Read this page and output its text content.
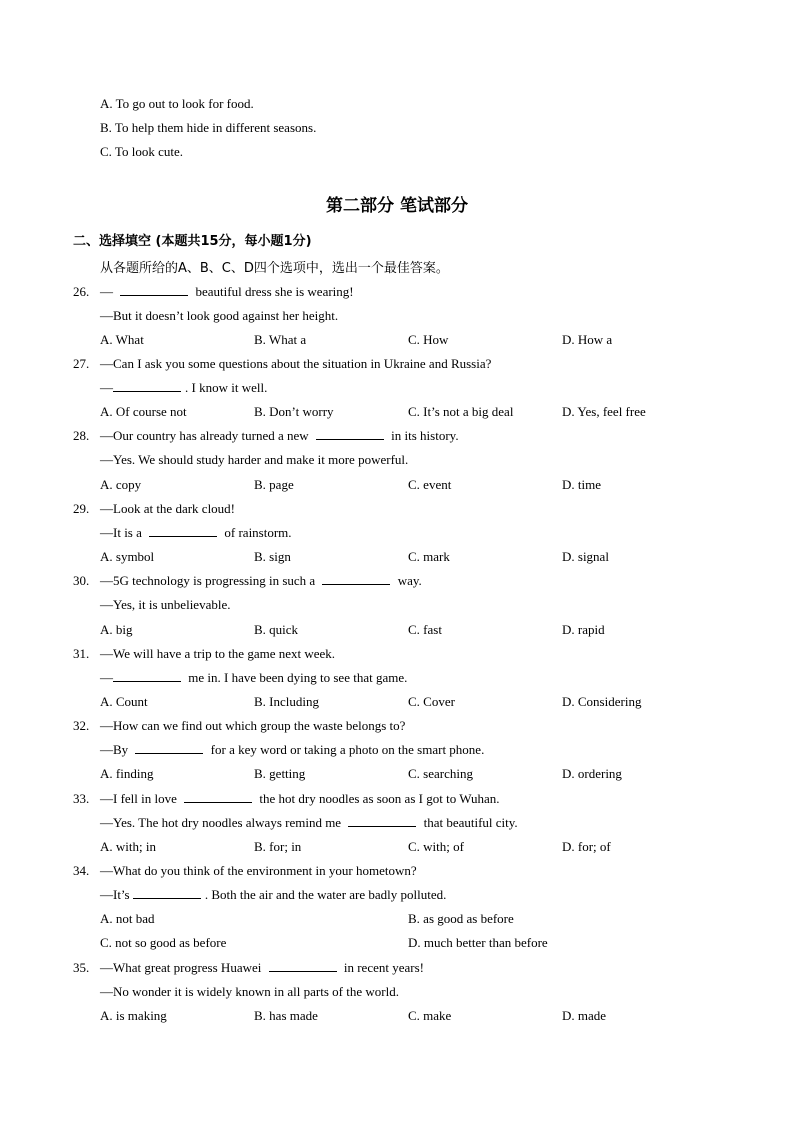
A. To go out to look for food.
B. To help them hide in different seasons.
C. To look cute.
第二部分 笔试部分
二、选择填空 (本题共15分，每小题1分)
从各题所给的A、B、C、D四个选项中，选出一个最佳答案。
26. —	beautiful dress she is wearing!
—But it doesn’t look good against her height.
A. What	B. What a	C. How	D. How a
27. —Can I ask you some questions about the situation in Ukraine and Russia?
—	. I know it well.
A. Of course not	B. Don’t worry	C. It’s not a big deal	D. Yes, feel free
28. —Our country has already turned a new	in its history.
—Yes. We should study harder and make it more powerful.
A. copy	B. page	C. event	D. time
29. —Look at the dark cloud!
—It is a	of rainstorm.
A. symbol	B. sign	C. mark	D. signal
30. —5G technology is progressing in such a	way.
—Yes, it is unbelievable.
A. big	B. quick	C. fast	D. rapid
31. —We will have a trip to the game next week.
—	me in. I have been dying to see that game.
A. Count	B. Including	C. Cover	D. Considering
32. —How can we find out which group the waste belongs to?
—By	for a key word or taking a photo on the smart phone.
A. finding	B. getting	C. searching	D. ordering
33. —I fell in love	the hot dry noodles as soon as I got to Wuhan.
—Yes. The hot dry noodles always remind me	that beautiful city.
A. with; in	B. for; in	C. with; of	D. for; of
34. —What do you think of the environment in your hometown?
—It’s	. Both the air and the water are badly polluted.
A. not bad	B. as good as before
C. not so good as before	D. much better than before
35. —What great progress Huawei	in recent years!
—No wonder it is widely known in all parts of the world.
A. is making	B. has made	C. make	D. made
